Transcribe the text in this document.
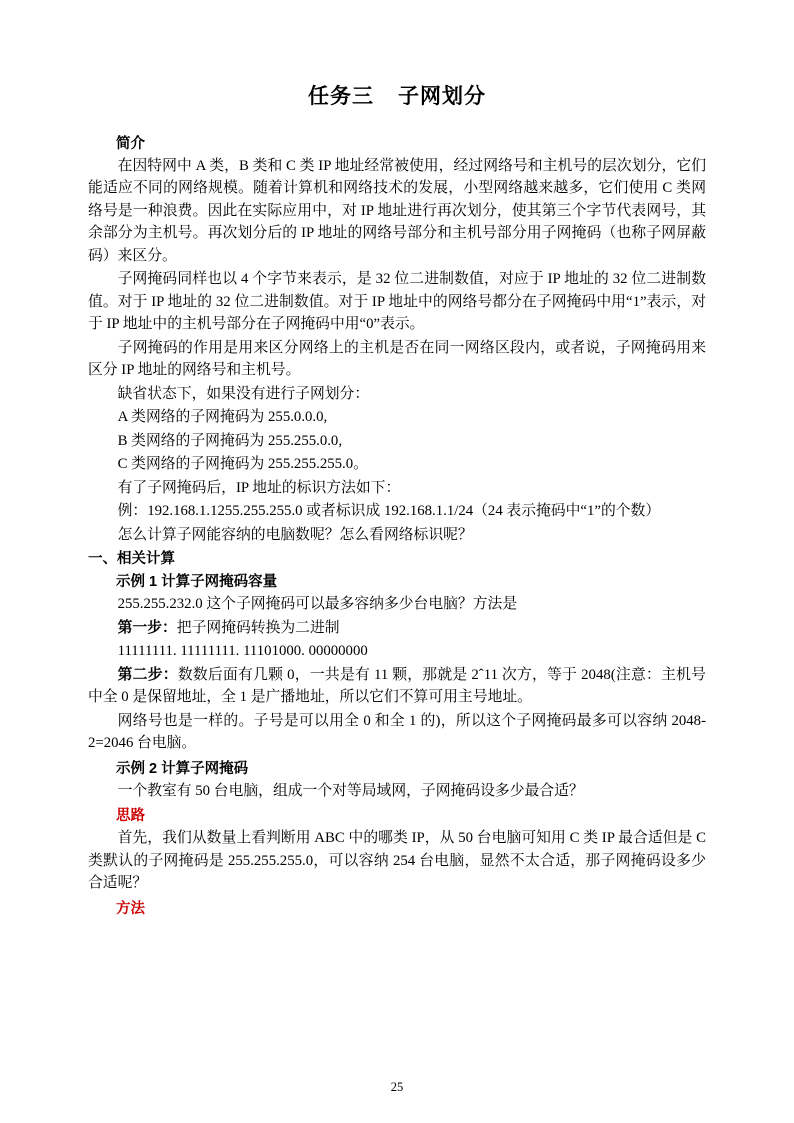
任务三 子网划分
简介

在因特网中 A 类，B 类和 C 类 IP 地址经常被使用，经过网络号和主机号的层次划分，它们能适应不同的网络规模。随着计算机和网络技术的发展，小型网络越来越多，它们使用 C 类网络号是一种浪费。因此在实际应用中，对 IP 地址进行再次划分，使其第三个字节代表网号，其余部分为主机号。再次划分后的 IP 地址的网络号部分和主机号部分用子网掩码（也称子网屏蔽码）来区分。

子网掩码同样也以 4 个字节来表示，是 32 位二进制数值，对应于 IP 地址的 32 位二进制数值。对于 IP 地址的 32 位二进制数值。对于 IP 地址中的网络号都分在子网掩码中用“1”表示，对于 IP 地址中的主机号部分在子网掩码中用“0”表示。

子网掩码的作用是用来区分网络上的主机是否在同一网络区段内，或者说，子网掩码用来区分 IP 地址的网络号和主机号。

缺省状态下，如果没有进行子网划分：

A 类网络的子网掩码为 255.0.0.0,

B 类网络的子网掩码为 255.255.0.0,

C 类网络的子网掩码为 255.255.255.0。

有了子网掩码后，IP 地址的标识方法如下：

例：192.168.1.1255.255.255.0 或者标识成 192.168.1.1/24（24 表示掩码中“1”的个数）

怎么计算子网能容纳的电脑数呢？怎么看网络标识呢？

一、相关计算
示例 1 计算子网掩码容量

255.255.232.0 这个子网掩码可以最多容纳多少台电脑？方法是

第一步：把子网掩码转换为二进制

11111111. 11111111. 11101000. 00000000

第二步：数数后面有几颗 0，一共是有 11 颗，那就是 2ˆ11 次方，等于 2048(注意：主机号中全 0 是保留地址，全 1 是广播地址，所以它们不算可用主号地址。

网络号也是一样的。子号是可以用全 0 和全 1 的)，所以这个子网掩码最多可以容纳 2048-2=2046 台电脑。

示例 2 计算子网掩码

一个教室有 50 台电脑，组成一个对等局域网，子网掩码设多少最合适？

思路

首先，我们从数量上看判断用 ABC 中的哪类 IP，从 50 台电脑可知用 C 类 IP 最合适但是 C 类默认的子网掩码是 255.255.255.0，可以容纳 254 台电脑，显然不太合适，那子网掩码设多少合适呢？

方法
25
